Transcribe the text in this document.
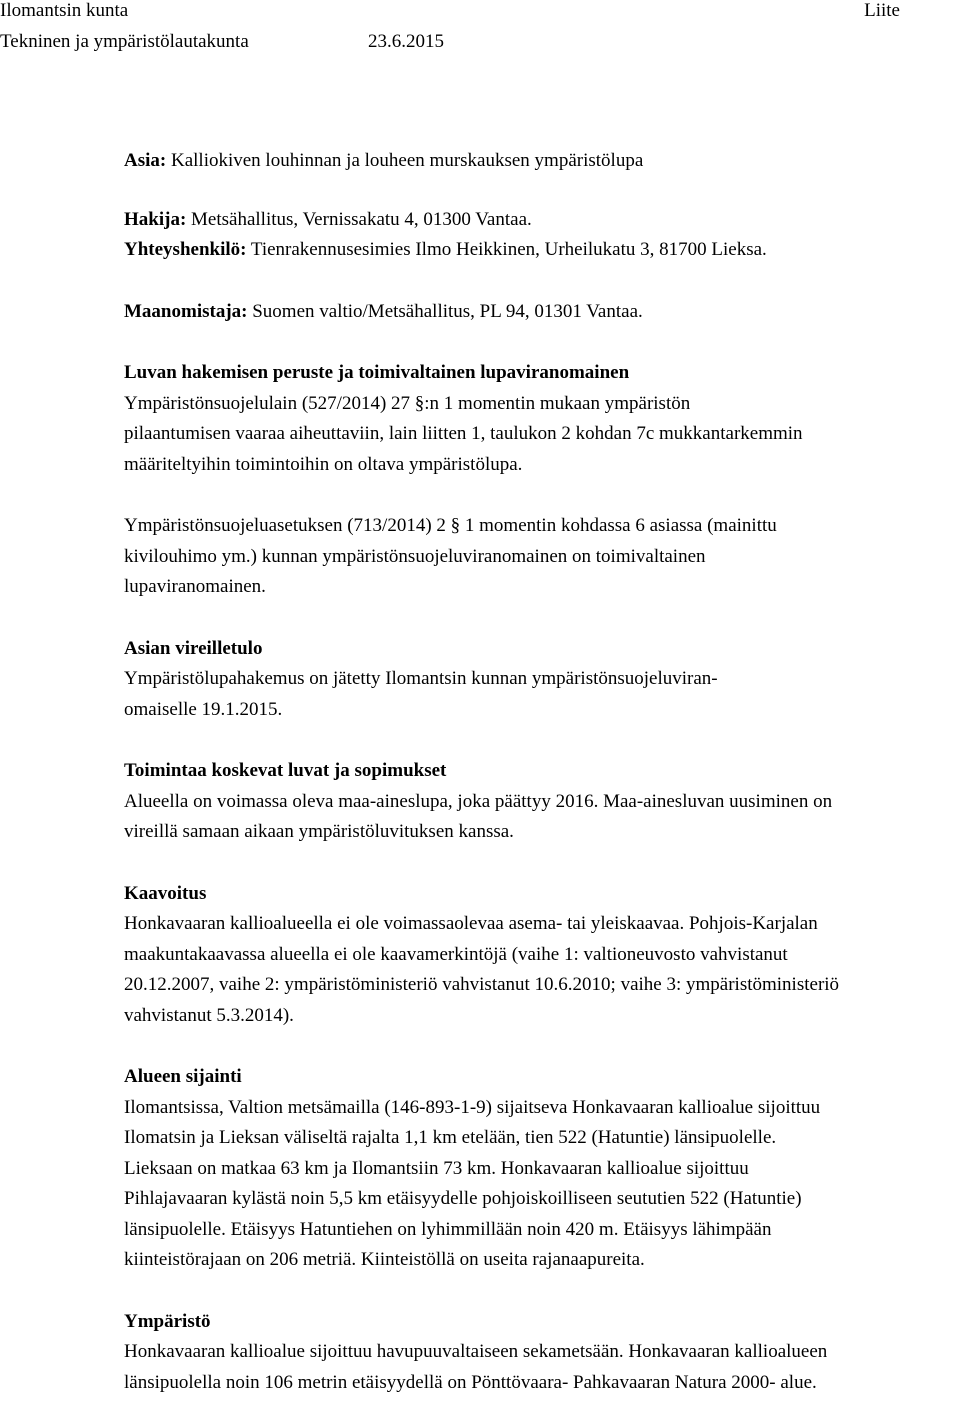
Ilomantsin kunta	Liite
Tekninen ja ympäristölautakunta	23.6.2015

Asia: Kalliokiven louhinnan ja louheen murskauksen ympäristölupa

Hakija: Metsähallitus, Vernissakatu 4, 01300 Vantaa.

Yhteyshenkilö: Tienrakennusesimies Ilmo Heikkinen, Urheilukatu 3, 81700 Lieksa.

Maanomistaja: Suomen valtio/Metsähallitus, PL 94, 01301 Vantaa.

Luvan hakemisen peruste ja toimivaltainen lupaviranomainen

Ympäristönsuojelulain (527/2014) 27 §:n 1 momentin mukaan ympäristön

pilaantumisen vaaraa aiheuttaviin, lain liitten 1, taulukon 2 kohdan 7c mukkantarkemmin

määriteltyihin toimintoihin on oltava ympäristölupa.

Ympäristönsuojeluasetuksen (713/2014) 2 § 1 momentin kohdassa 6 asiassa (mainittu

kivilouhimo ym.) kunnan ympäristönsuojeluviranomainen on toimivaltainen

lupaviranomainen.

Asian vireilletulo

Ympäristölupahakemus on jätetty Ilomantsin kunnan ympäristönsuojeluviran-

omaiselle 19.1.2015.

Toimintaa koskevat luvat ja sopimukset

Alueella on voimassa oleva maa-aineslupa, joka päättyy 2016. Maa-ainesluvan uusiminen on

vireillä samaan aikaan ympäristöluvituksen kanssa.

Kaavoitus

Honkavaaran kallioalueella ei ole voimassaolevaa asema- tai yleiskaavaa. Pohjois-Karjalan

maakuntakaavassa alueella ei ole kaavamerkintöjä (vaihe 1: valtioneuvosto vahvistanut

20.12.2007, vaihe 2: ympäristöministeriö vahvistanut 10.6.2010; vaihe 3: ympäristöministeriö

vahvistanut 5.3.2014).

Alueen sijainti

Ilomantsissa, Valtion metsämailla (146-893-1-9) sijaitseva Honkavaaran kallioalue sijoittuu

Ilomatsin ja Lieksan väliseltä rajalta 1,1 km etelään, tien 522 (Hatuntie) länsipuolelle.

Lieksaan on matkaa 63 km ja Ilomantsiin 73 km. Honkavaaran kallioalue sijoittuu

Pihlajavaaran kylästä noin 5,5 km etäisyydelle pohjoiskoilliseen seututien 522 (Hatuntie)

länsipuolelle. Etäisyys Hatuntiehen on lyhimmillään noin 420 m. Etäisyys lähimpään

kiinteistörajaan on 206 metriä. Kiinteistöllä on useita rajanaapureita.

Ympäristö

Honkavaaran kallioalue sijoittuu havupuuvaltaiseen sekametsään. Honkavaaran kallioalueen

länsipuolella noin 106 metrin etäisyydellä on Pönttövaara- Pahkavaaran Natura 2000- alue.
